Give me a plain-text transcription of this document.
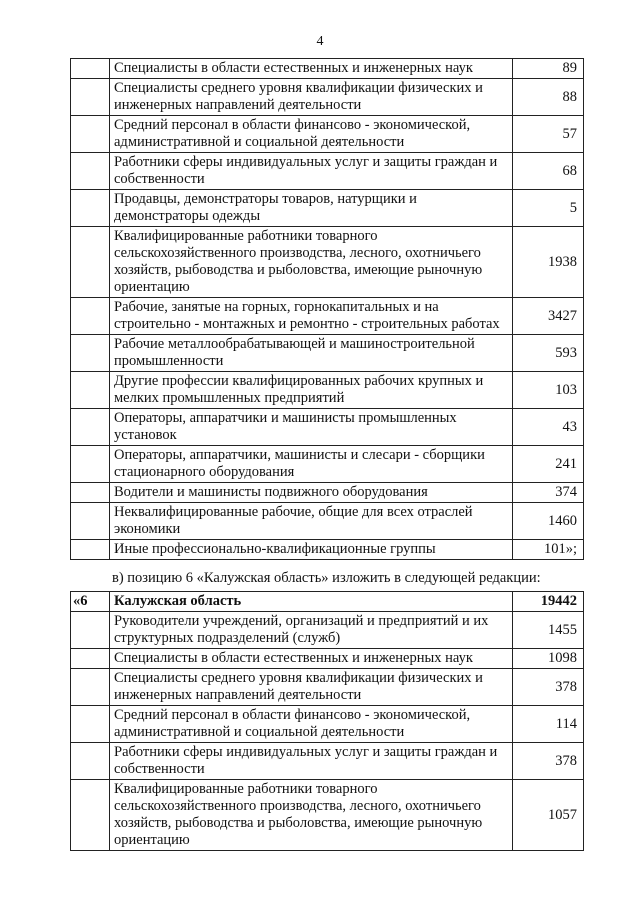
4
	Специалисты в области естественных и инженерных наук	89
	Специалисты среднего уровня квалификации физических и инженерных направлений деятельности	88
	Средний персонал в области финансово - экономической, административной и социальной деятельности	57
	Работники сферы индивидуальных услуг и защиты граждан и собственности	68
	Продавцы, демонстраторы товаров, натурщики и демонстраторы одежды	5
	Квалифицированные работники товарного сельскохозяйственного производства, лесного, охотничьего хозяйств, рыбоводства и рыболовства, имеющие рыночную ориентацию	1938
	Рабочие, занятые на горных, горнокапитальных и на строительно - монтажных и ремонтно - строительных работах	3427
	Рабочие металлообрабатывающей и машиностроительной промышленности	593
	Другие профессии квалифицированных рабочих крупных и мелких промышленных предприятий	103
	Операторы, аппаратчики и машинисты промышленных установок	43
	Операторы, аппаратчики, машинисты и слесари - сборщики стационарного оборудования	241
	Водители и машинисты подвижного оборудования	374
	Неквалифицированные рабочие, общие для всех отраслей экономики	1460
	Иные профессионально-квалификационные группы	101»;
в) позицию 6 «Калужская область» изложить в следующей редакции:
«6	Калужская область	19442
	Руководители учреждений, организаций и предприятий и их структурных подразделений (служб)	1455
	Специалисты в области естественных и инженерных наук	1098
	Специалисты среднего уровня квалификации физических и инженерных направлений деятельности	378
	Средний персонал в области финансово - экономической, административной и социальной деятельности	114
	Работники сферы индивидуальных услуг и защиты граждан и собственности	378
	Квалифицированные работники товарного сельскохозяйственного производства, лесного, охотничьего хозяйств, рыбоводства и рыболовства, имеющие рыночную ориентацию	1057
